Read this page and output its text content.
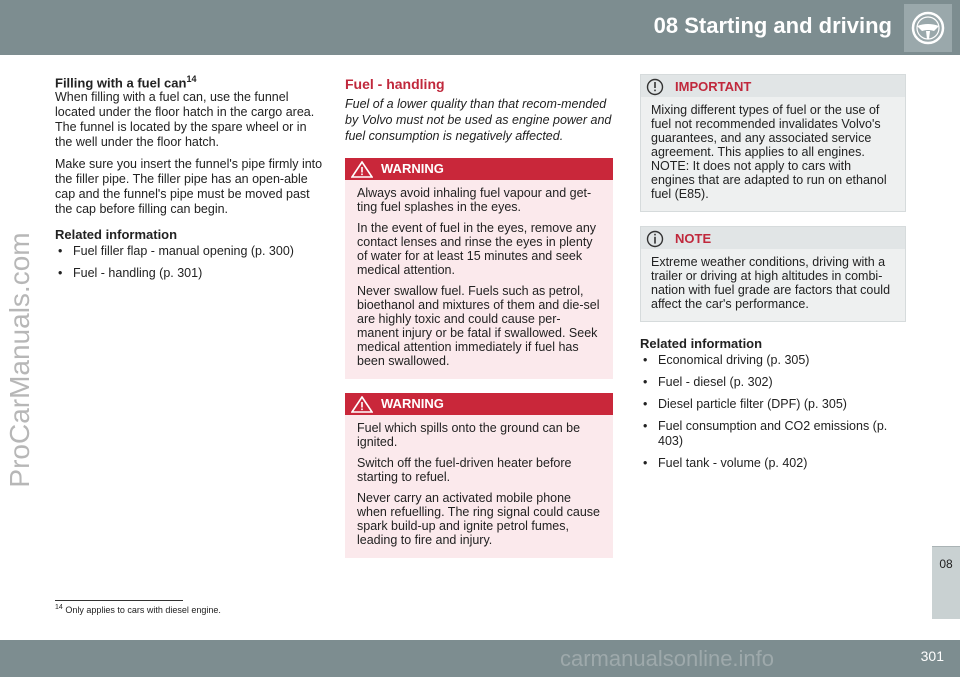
08 Starting and driving
ProCarManuals.com
Filling with a fuel can$^{14}$

When filling with a fuel can, use the funnel located under the floor hatch in the cargo area. The funnel is located by the spare wheel or in the well under the floor hatch.

Make sure you insert the funnel's pipe firmly into the filler pipe. The filler pipe has an open-able cap and the funnel's pipe must be moved past the cap before filling can begin.

Related information
• Fuel filler flap - manual opening (p. 300)
• Fuel - handling (p. 301)
Fuel - handling

Fuel of a lower quality than that recom-mended by Volvo must not be used as engine power and fuel consumption is negatively affected.

WARNING

Always avoid inhaling fuel vapour and get-ting fuel splashes in the eyes.

In the event of fuel in the eyes, remove any contact lenses and rinse the eyes in plenty of water for at least 15 minutes and seek medical attention.

Never swallow fuel. Fuels such as petrol, bioethanol and mixtures of them and die-sel are highly toxic and could cause per-manent injury or be fatal if swallowed. Seek medical attention immediately if fuel has been swallowed.

WARNING

Fuel which spills onto the ground can be ignited.

Switch off the fuel-driven heater before starting to refuel.

Never carry an activated mobile phone when refuelling. The ring signal could cause spark build-up and ignite petrol fumes, leading to fire and injury.

IMPORTANT

Mixing different types of fuel or the use of fuel not recommended invalidates Volvo's guarantees, and any associated service agreement. This applies to all engines. NOTE: It does not apply to cars with engines that are adapted to run on ethanol fuel (E85).

NOTE

Extreme weather conditions, driving with a trailer or driving at high altitudes in combi-nation with fuel grade are factors that could affect the car's performance.

Related information
• Economical driving (p. 305)
• Fuel - diesel (p. 302)
• Diesel particle filter (DPF) (p. 305)
• Fuel consumption and CO2 emissions (p. 403)
• Fuel tank - volume (p. 402)
$^{14}$ Only applies to cars with diesel engine.
08
carmanualsonline.info	301
